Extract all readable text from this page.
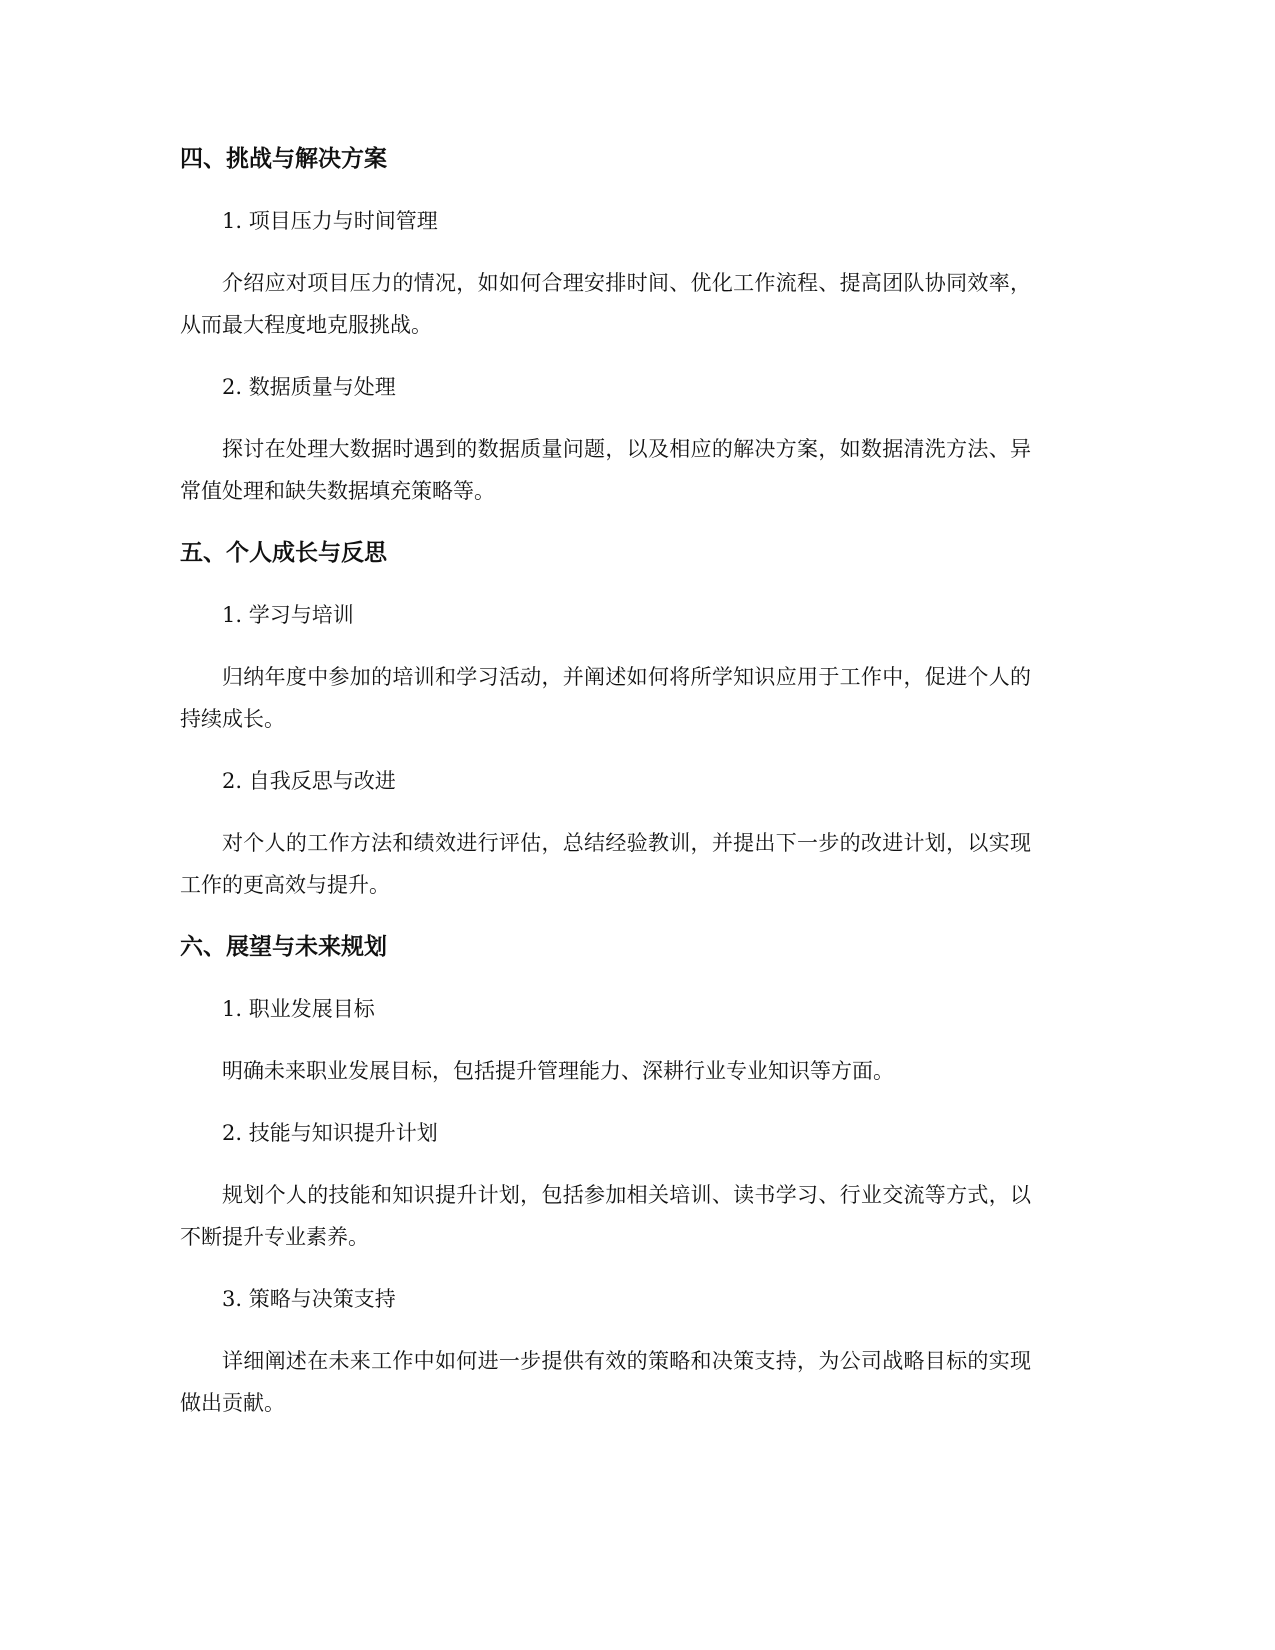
四、挑战与解决方案

1. 项目压力与时间管理

介绍应对项目压力的情况，如如何合理安排时间、优化工作流程、提高团队协同效率，从而最大程度地克服挑战。

2. 数据质量与处理

探讨在处理大数据时遇到的数据质量问题，以及相应的解决方案，如数据清洗方法、异常值处理和缺失数据填充策略等。

五、个人成长与反思

1. 学习与培训

归纳年度中参加的培训和学习活动，并阐述如何将所学知识应用于工作中，促进个人的持续成长。

2. 自我反思与改进

对个人的工作方法和绩效进行评估，总结经验教训，并提出下一步的改进计划，以实现工作的更高效与提升。

六、展望与未来规划

1. 职业发展目标

明确未来职业发展目标，包括提升管理能力、深耕行业专业知识等方面。

2. 技能与知识提升计划

规划个人的技能和知识提升计划，包括参加相关培训、读书学习、行业交流等方式，以不断提升专业素养。

3. 策略与决策支持

详细阐述在未来工作中如何进一步提供有效的策略和决策支持，为公司战略目标的实现做出贡献。
